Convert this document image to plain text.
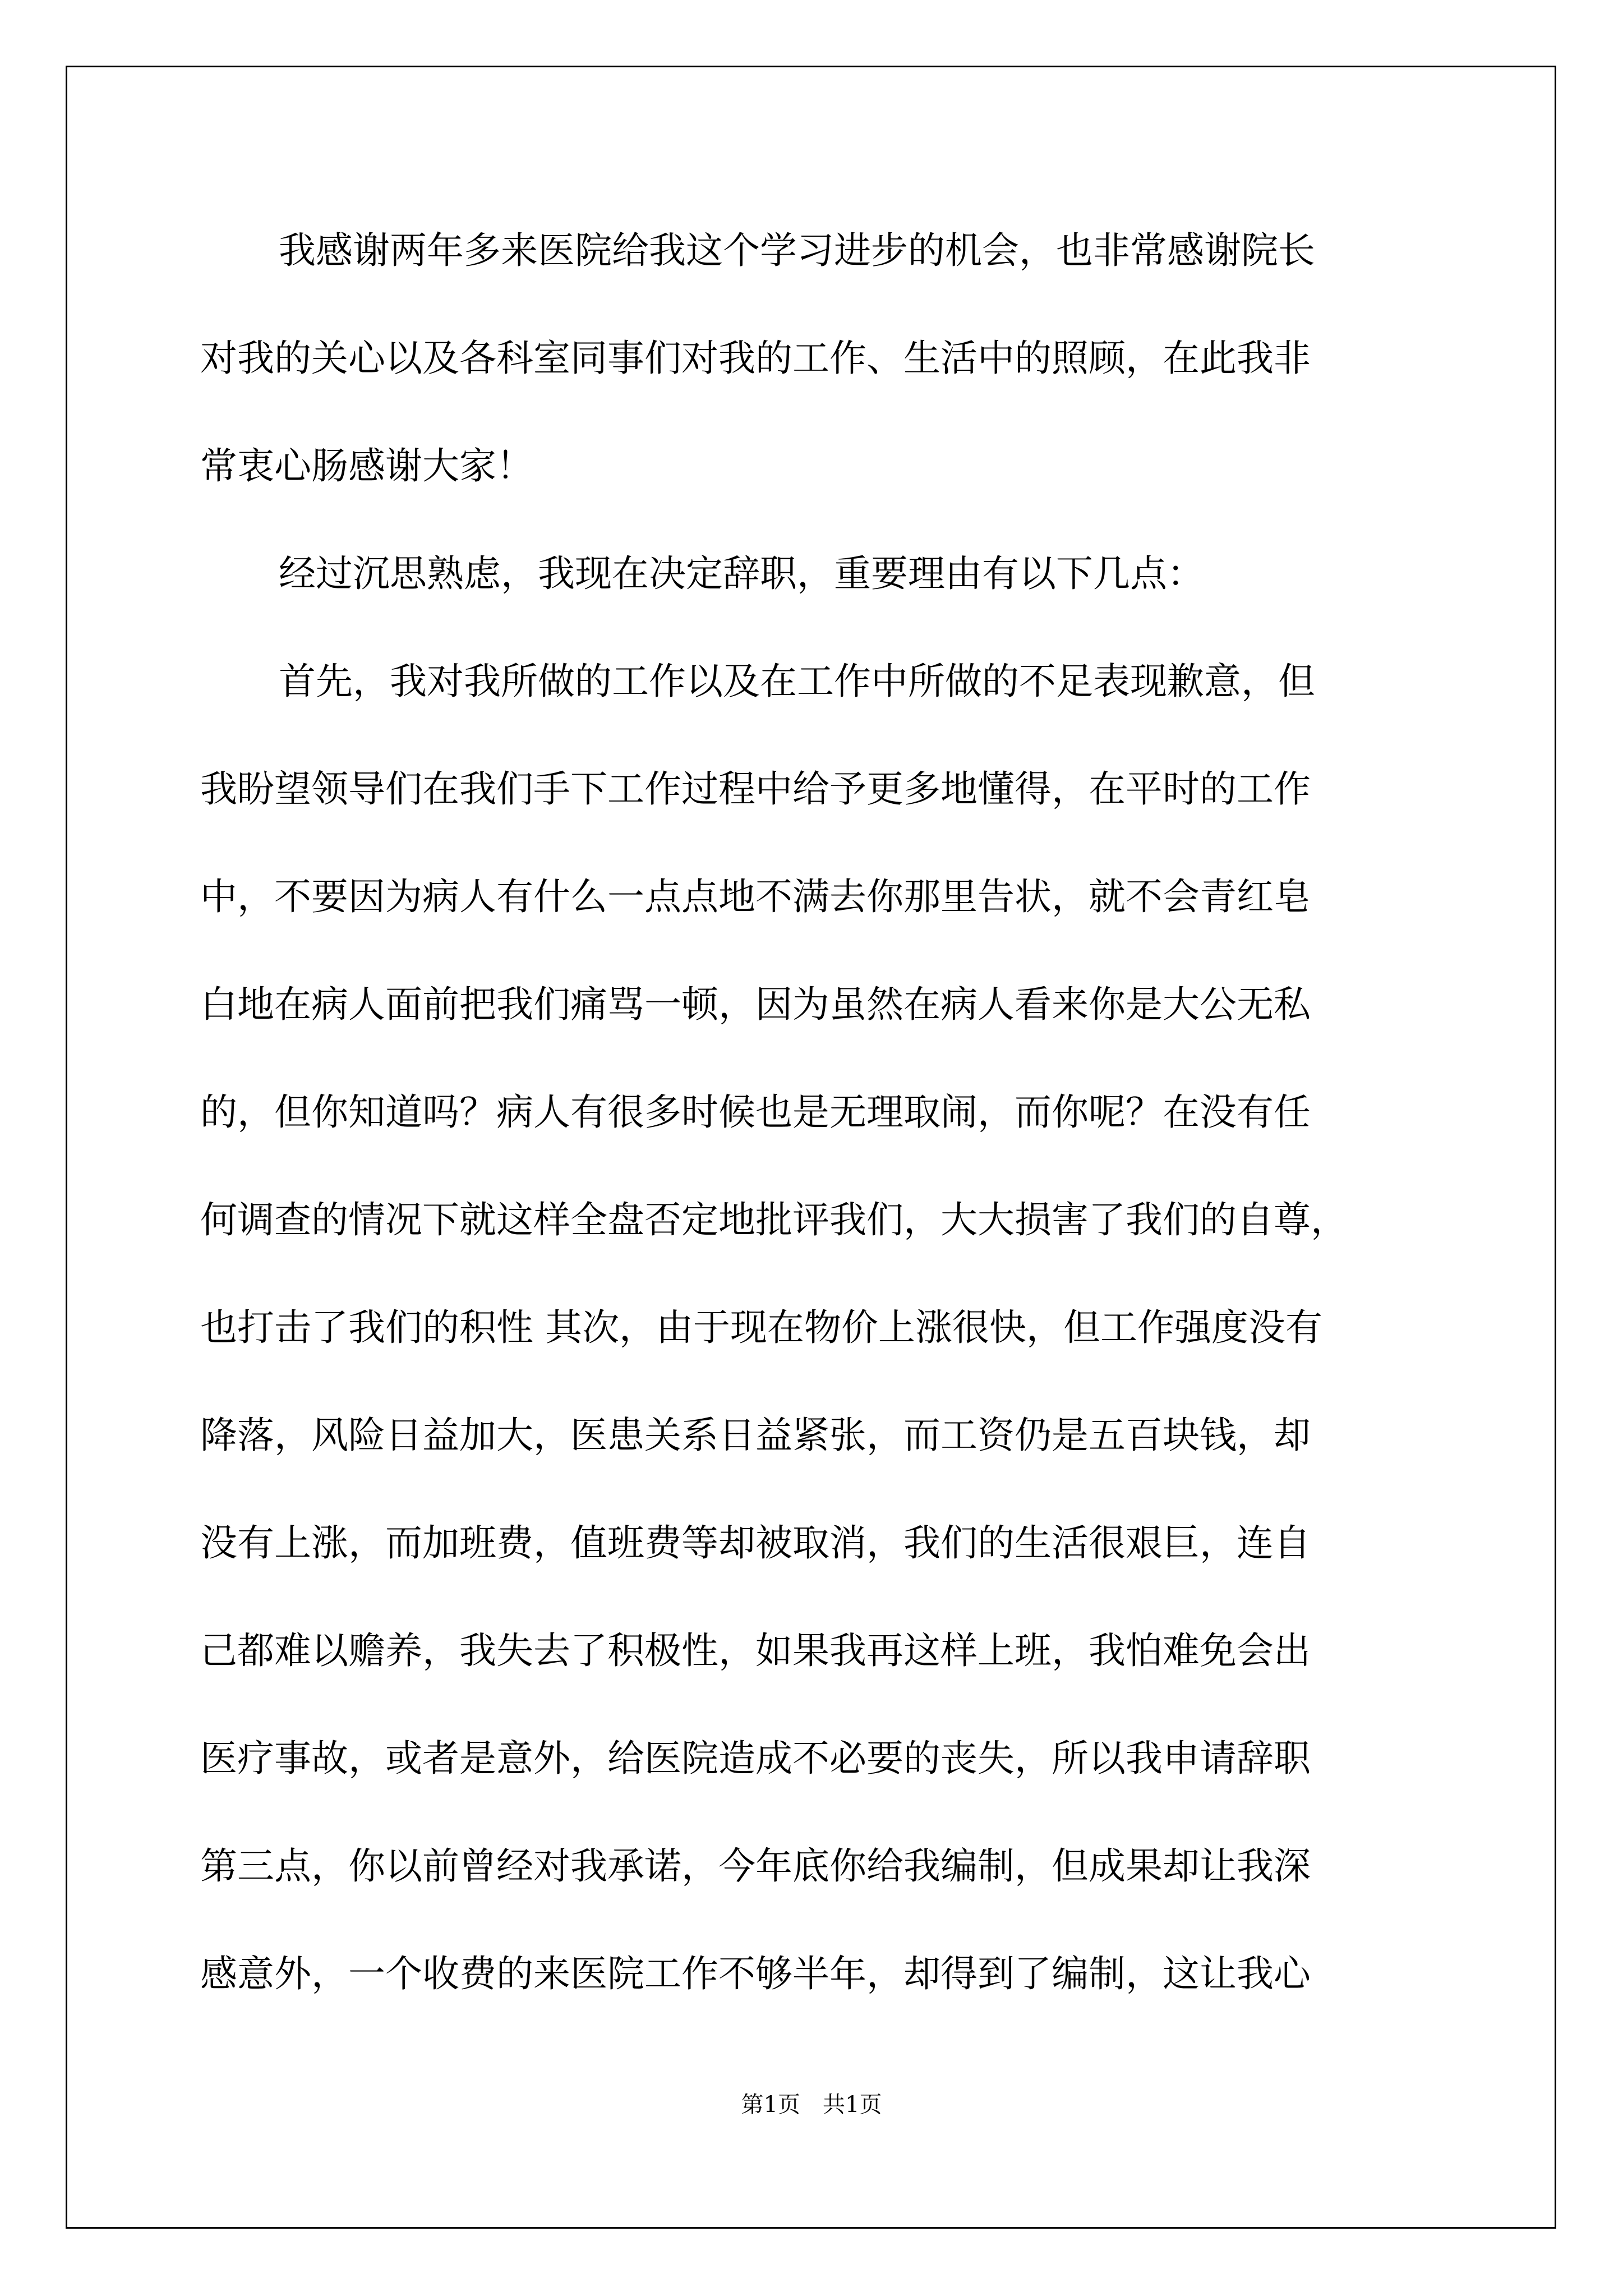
我感谢两年多来医院给我这个学习进步的机会，也非常感谢院长
对我的关心以及各科室同事们对我的工作、生活中的照顾，在此我非
常衷心肠感谢大家！
经过沉思熟虑，我现在决定辞职，重要理由有以下几点：
首先，我对我所做的工作以及在工作中所做的不足表现歉意，但
我盼望领导们在我们手下工作过程中给予更多地懂得，在平时的工作
中，不要因为病人有什么一点点地不满去你那里告状，就不会青红皂
白地在病人面前把我们痛骂一顿，因为虽然在病人看来你是大公无私
的，但你知道吗？病人有很多时候也是无理取闹，而你呢？在没有任
何调查的情况下就这样全盘否定地批评我们，大大损害了我们的自尊，
也打击了我们的积性 其次，由于现在物价上涨很快，但工作强度没有
降落，风险日益加大，医患关系日益紧张，而工资仍是五百块钱，却
没有上涨，而加班费，值班费等却被取消，我们的生活很艰巨，连自
己都难以赡养，我失去了积极性，如果我再这样上班，我怕难免会出
医疗事故，或者是意外，给医院造成不必要的丧失，所以我申请辞职
第三点，你以前曾经对我承诺，今年底你给我编制，但成果却让我深
感意外，一个收费的来医院工作不够半年，却得到了编制，这让我心
第1页　共1页
